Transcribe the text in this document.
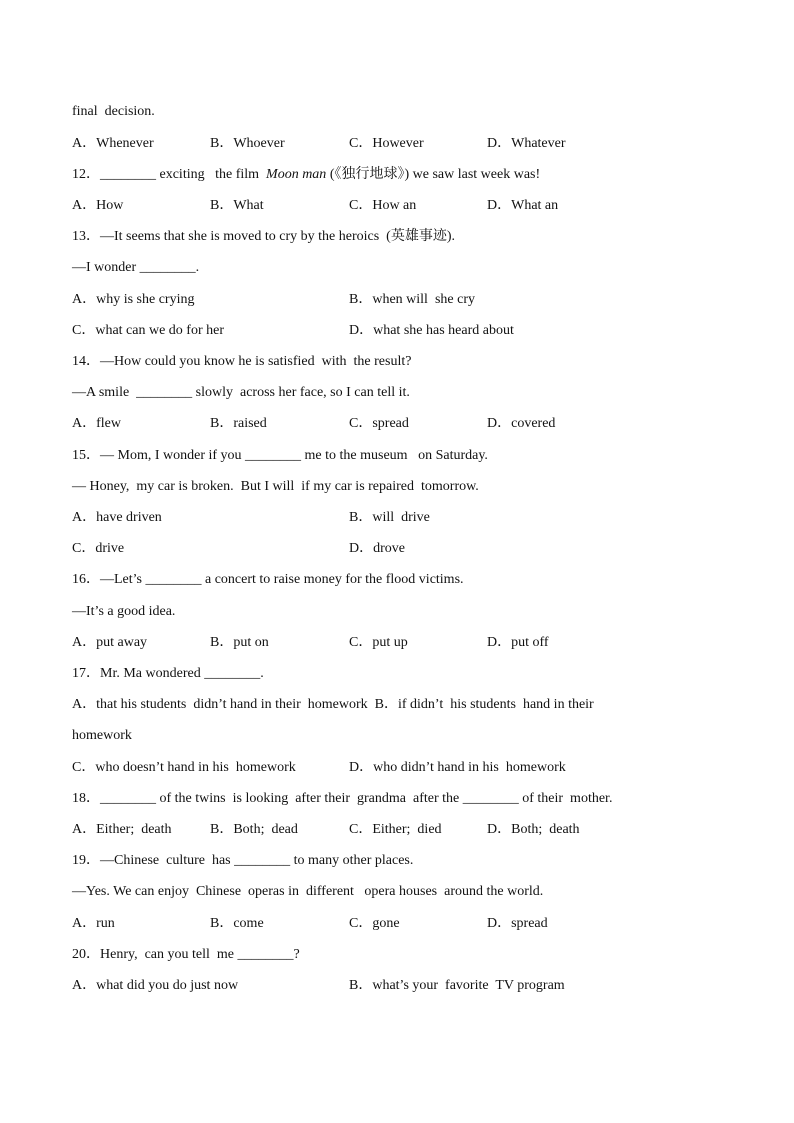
final  decision.
A．Whenever	B．Whoever	C．However	D．Whatever
12．________ exciting   the film  Moon man (《独行地球》) we saw last week was!
A．How	B．What	C．How an	D．What an
13．—It seems that she is moved to cry by the heroics  (英雄事迹).
—I wonder ________.
A．why is she crying	B．when will  she cry
C．what can we do for her	D．what she has heard about
14．—How could you know he is satisfied  with  the result?
—A smile  ________ slowly  across her face, so I can tell it.
A．flew	B．raised	C．spread	D．covered
15．— Mom, I wonder if you ________ me to the museum   on Saturday.
— Honey,  my car is broken.  But I will  if my car is repaired  tomorrow.
A．have driven	B．will  drive
C．drive	D．drove
16．—Let’s ________ a concert to raise money for the flood victims.
—It’s a good idea.
A．put away	B．put on	C．put up	D．put off
17．Mr. Ma wondered ________.
A．that his students  didn’t hand in their  homework  B．if didn’t  his students  hand in their
homework
C．who doesn’t hand in his  homework	D．who didn’t hand in his  homework
18．________ of the twins  is looking  after their  grandma  after the ________ of their  mother.
A．Either;  death	B．Both;  dead	C．Either;  died	D．Both;  death
19．—Chinese  culture  has ________ to many other places.
—Yes. We can enjoy  Chinese  operas in  different   opera houses  around the world.
A．run	B．come	C．gone	D．spread
20．Henry,  can you tell  me ________?
A．what did you do just now	B．what’s your  favorite  TV program
